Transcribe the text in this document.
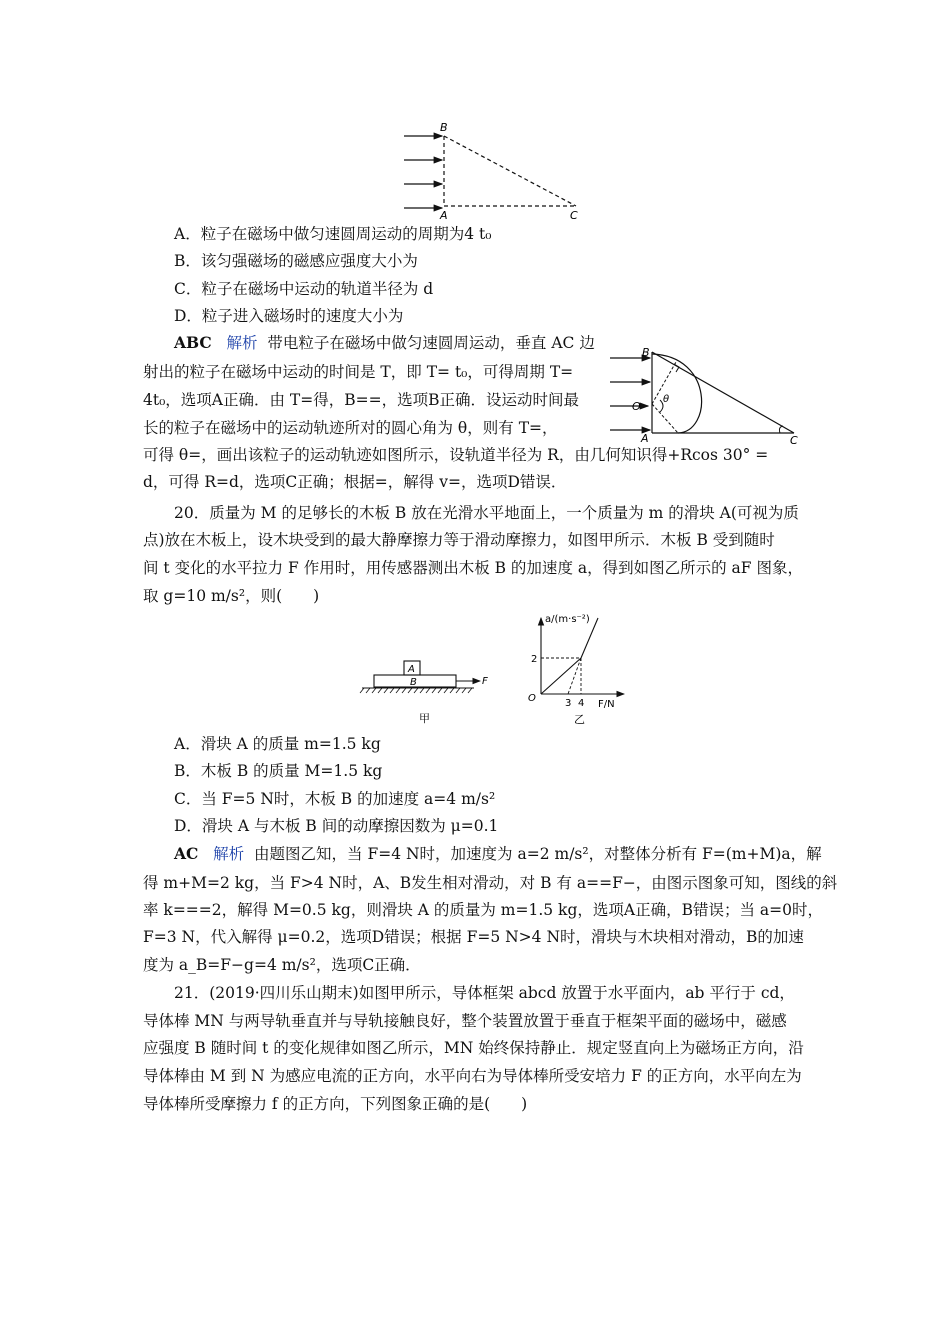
B
A	C
A．粒子在磁场中做匀速圆周运动的周期为4 t₀
B．该匀强磁场的磁感应强度大小为
C．粒子在磁场中运动的轨道半径为 d
D．粒子进入磁场时的速度大小为
ABC 解析 带电粒子在磁场中做匀速圆周运动，垂直 AC 边
射出的粒子在磁场中运动的时间是 T，即 T= t₀，可得周期 T=
4t₀，选项A正确．由 T=得，B==，选项B正确．设运动时间最
长的粒子在磁场中的运动轨迹所对的圆心角为 θ，则有 T=，
可得 θ=，画出该粒子的运动轨迹如图所示，设轨道半径为 R，由几何知识得+Rcos 30° =
d，可得 R=d，选项C正确；根据=，解得 v=，选项D错误．
B
O
θ
A	C
20．质量为 M 的足够长的木板 B 放在光滑水平地面上，一个质量为 m 的滑块 A(可视为质
点)放在木板上，设木块受到的最大静摩擦力等于滑动摩擦力，如图甲所示．木板 B 受到随时
间 t 变化的水平拉力 F 作用时，用传感器测出木板 B 的加速度 a，得到如图乙所示的 aF 图象，
取 g=10 m/s²，则(　　)
A
B	F
甲
a/(m·s⁻²)
2
O	3 4 F/N
乙
A．滑块 A 的质量 m=1.5 kg
B．木板 B 的质量 M=1.5 kg
C．当 F=5 N时，木板 B 的加速度 a=4 m/s²
D．滑块 A 与木板 B 间的动摩擦因数为 μ=0.1
AC 解析 由题图乙知，当 F=4 N时，加速度为 a=2 m/s²，对整体分析有 F=(m+M)a，解
得 m+M=2 kg，当 F>4 N时，A、B发生相对滑动，对 B 有 a==F−，由图示图象可知，图线的斜
率 k===2，解得 M=0.5 kg，则滑块 A 的质量为 m=1.5 kg，选项A正确，B错误；当 a=0时，
F=3 N，代入解得 μ=0.2，选项D错误；根据 F=5 N>4 N时，滑块与木块相对滑动，B的加速
度为 a_B=F−g=4 m/s²，选项C正确．
21．(2019·四川乐山期末)如图甲所示，导体框架 abcd 放置于水平面内，ab 平行于 cd，
导体棒 MN 与两导轨垂直并与导轨接触良好，整个装置放置于垂直于框架平面的磁场中，磁感
应强度 B 随时间 t 的变化规律如图乙所示，MN 始终保持静止．规定竖直向上为磁场正方向，沿
导体棒由 M 到 N 为感应电流的正方向，水平向右为导体棒所受安培力 F 的正方向，水平向左为
导体棒所受摩擦力 f 的正方向，下列图象正确的是(　　)
